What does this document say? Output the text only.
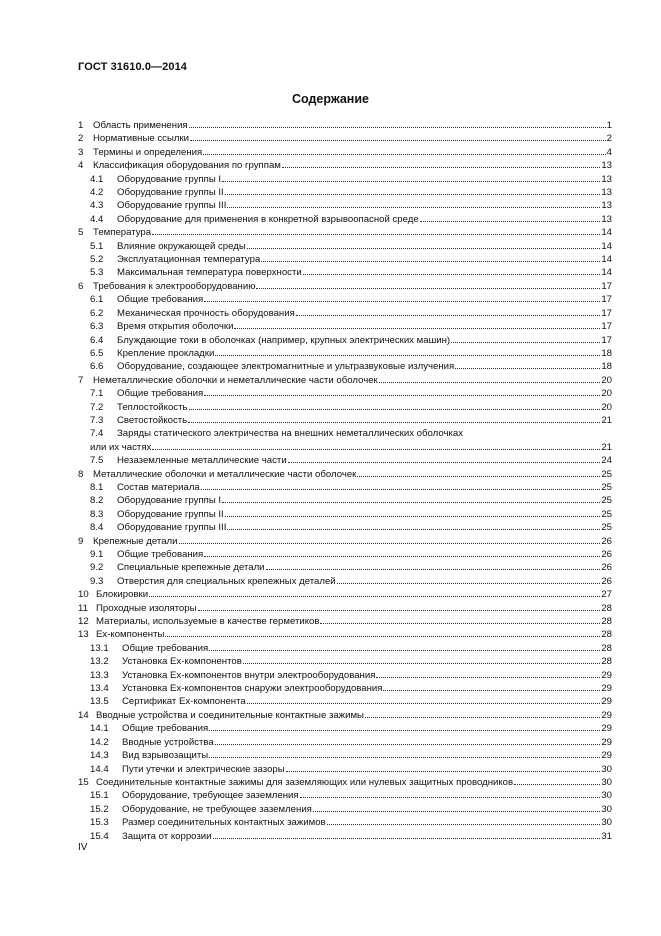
ГОСТ 31610.0—2014
Содержание
1	Область применения	1
2	Нормативные ссылки	2
3	Термины и определения	4
4	Классификация оборудования по группам	13
4.1	Оборудование группы I	13
4.2	Оборудование группы II	13
4.3	Оборудование группы III	13
4.4	Оборудование для применения в конкретной взрывоопасной среде	13
5	Температура	14
5.1	Влияние окружающей среды	14
5.2	Эксплуатационная температура	14
5.3	Максимальная температура поверхности	14
6	Требования к электрооборудованию	17
6.1	Общие требования	17
6.2	Механическая прочность оборудования	17
6.3	Время открытия оболочки	17
6.4	Блуждающие токи в оболочках (например, крупных электрических машин)	17
6.5	Крепление прокладки	18
6.6	Оборудование, создающее электромагнитные и ультразвуковые излучения	18
7	Неметаллические оболочки и неметаллические части оболочек	20
7.1	Общие требования	20
7.2	Теплостойкость	20
7.3	Светостойкость	21
7.4	Заряды статического электричества на внешних неметаллических оболочках
или их частях	21
7.5	Незаземленные металлические части	24
8	Металлические оболочки и металлические части оболочек	25
8.1	Состав материала	25
8.2	Оборудование группы I	25
8.3	Оборудование группы II	25
8.4	Оборудование группы III	25
9	Крепежные детали	26
9.1	Общие требования	26
9.2	Специальные крепежные детали	26
9.3	Отверстия для специальных крепежных деталей	26
10 Блокировки	27
11 Проходные изоляторы	28
12 Материалы, используемые в качестве герметиков	28
13 Ex-компоненты	28
13.1	Общие требования	28
13.2	Установка Ex-компонентов	28
13.3	Установка Ex-компонентов внутри электрооборудования	29
13.4	Установка Ex-компонентов снаружи электрооборудования	29
13.5	Сертификат Ex-компонента	29
14 Вводные устройства и соединительные контактные зажимы	29
14.1	Общие требования	29
14.2	Вводные устройства	29
14.3	Вид взрывозащиты	29
14.4	Пути утечки и электрические зазоры	30
15 Соединительные контактные зажимы для заземляющих или нулевых защитных проводников	30
15.1	Оборудование, требующее заземления	30
15.2	Оборудование, не требующее заземления	30
15.3	Размер соединительных контактных зажимов	30
15.4	Защита от коррозии	31
IV
